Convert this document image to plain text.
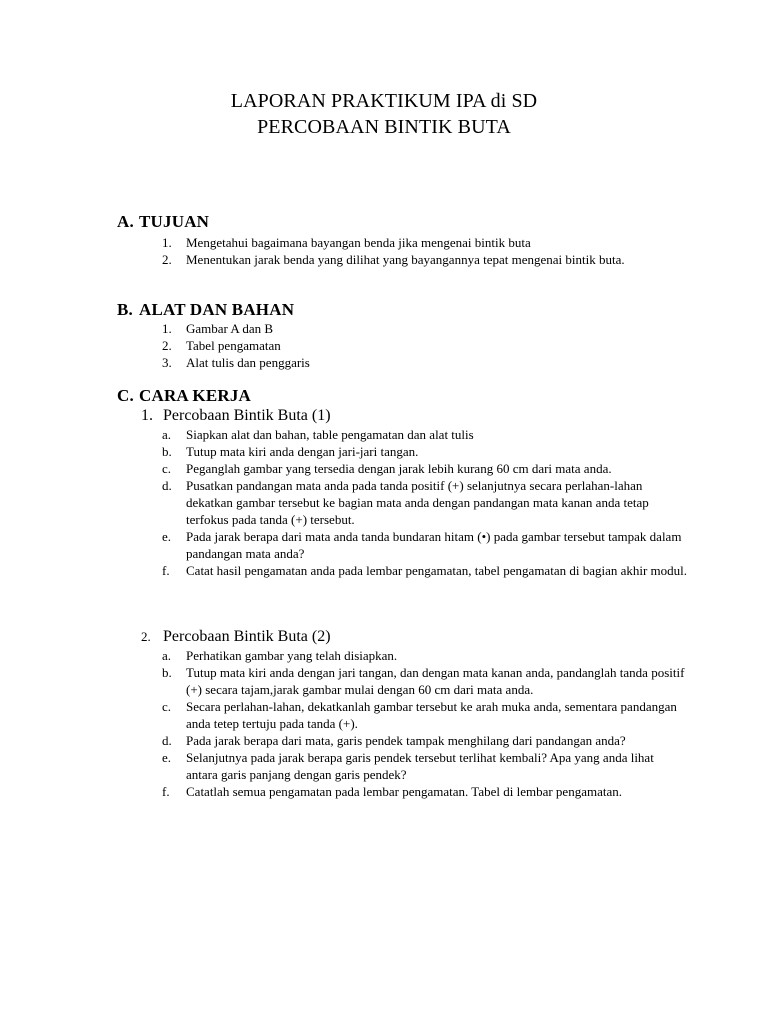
LAPORAN PRAKTIKUM IPA di SD
PERCOBAAN BINTIK BUTA
A. TUJUAN
1.	Mengetahui bagaimana bayangan benda jika mengenai bintik buta
2.	Menentukan jarak benda yang dilihat yang bayangannya tepat mengenai bintik buta.
B. ALAT DAN BAHAN
1.	Gambar A dan B
2.	Tabel pengamatan
3.	Alat tulis dan penggaris
C. CARA KERJA
1. Percobaan Bintik Buta (1)
a.	Siapkan alat dan bahan, table pengamatan dan alat tulis
b.	Tutup mata kiri anda dengan jari-jari tangan.
c.	Peganglah gambar yang tersedia dengan jarak lebih kurang 60 cm dari mata anda.
d.	Pusatkan pandangan mata anda pada tanda positif (+) selanjutnya secara perlahan-lahan dekatkan gambar tersebut ke bagian mata anda dengan pandangan mata kanan anda tetap terfokus pada tanda (+) tersebut.
e.	Pada jarak berapa dari mata anda tanda bundaran hitam (•) pada gambar tersebut tampak dalam pandangan mata anda?
f.	Catat hasil pengamatan anda pada lembar pengamatan, tabel pengamatan di bagian akhir modul.
2. Percobaan Bintik Buta (2)
a.	Perhatikan gambar yang telah disiapkan.
b.	Tutup mata kiri anda dengan jari tangan, dan dengan mata kanan anda, pandanglah tanda positif (+) secara tajam,jarak gambar mulai dengan 60 cm dari mata anda.
c.	Secara perlahan-lahan, dekatkanlah gambar tersebut ke arah muka anda, sementara pandangan anda tetep tertuju pada tanda (+).
d.	Pada jarak berapa dari mata, garis pendek tampak menghilang dari pandangan anda?
e.	Selanjutnya pada jarak berapa garis pendek tersebut terlihat kembali? Apa yang anda lihat antara garis panjang dengan garis pendek?
f.	Catatlah semua pengamatan pada lembar pengamatan. Tabel di lembar pengamatan.
